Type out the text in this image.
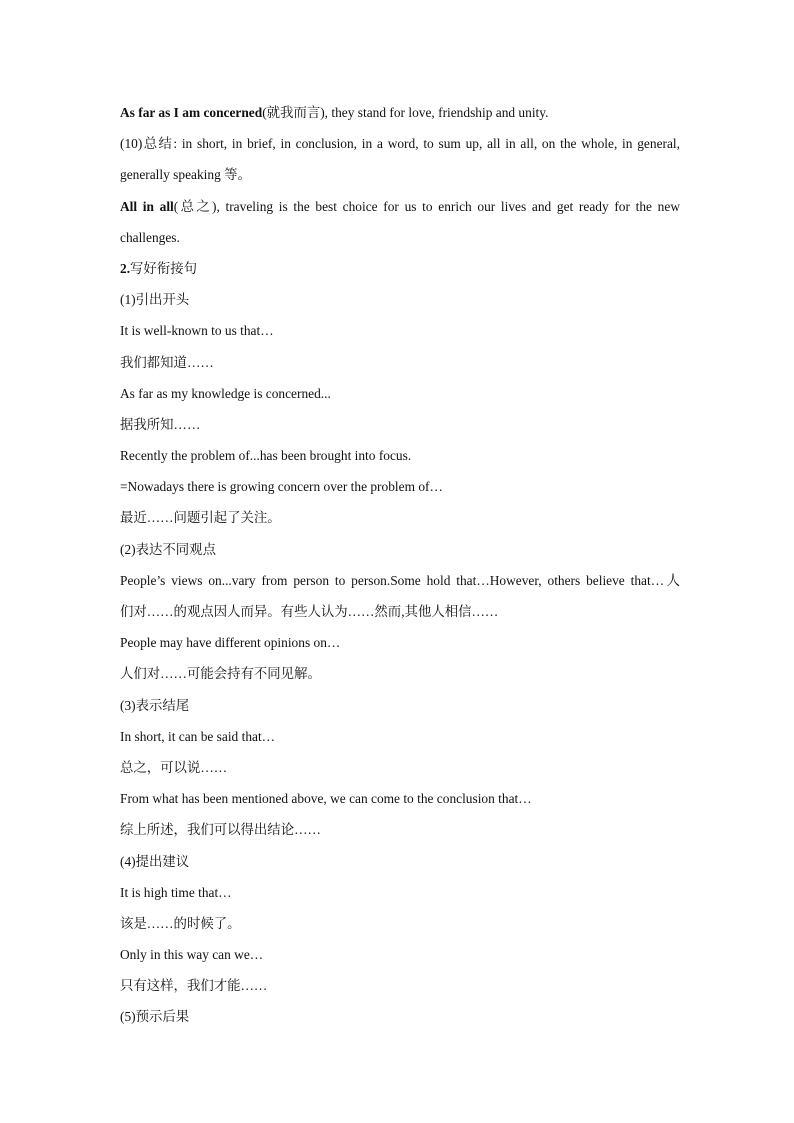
As far as I am concerned(就我而言), they stand for love, friendship and unity.
(10)总结: in short, in brief, in conclusion, in a word, to sum up, all in all, on the whole, in general,
generally speaking 等。
All in all(总之), traveling is the best choice for us to enrich our lives and get ready for the new
challenges.
2.写好衔接句
(1)引出开头
It is well-known to us that…
我们都知道……
As far as my knowledge is concerned...
据我所知……
Recently the problem of...has been brought into focus.
=Nowadays there is growing concern over the problem of…
最近……问题引起了关注。
(2)表达不同观点
People’s views on...vary from person to person.Some hold that…However, others believe that…人
们对……的观点因人而异。有些人认为……然而,其他人相信……
People may have different opinions on…
人们对……可能会持有不同见解。
(3)表示结尾
In short, it can be said that…
总之，可以说……
From what has been mentioned above, we can come to the conclusion that…
综上所述，我们可以得出结论……
(4)提出建议
It is high time that…
该是……的时候了。
Only in this way can we…
只有这样，我们才能……
(5)预示后果
